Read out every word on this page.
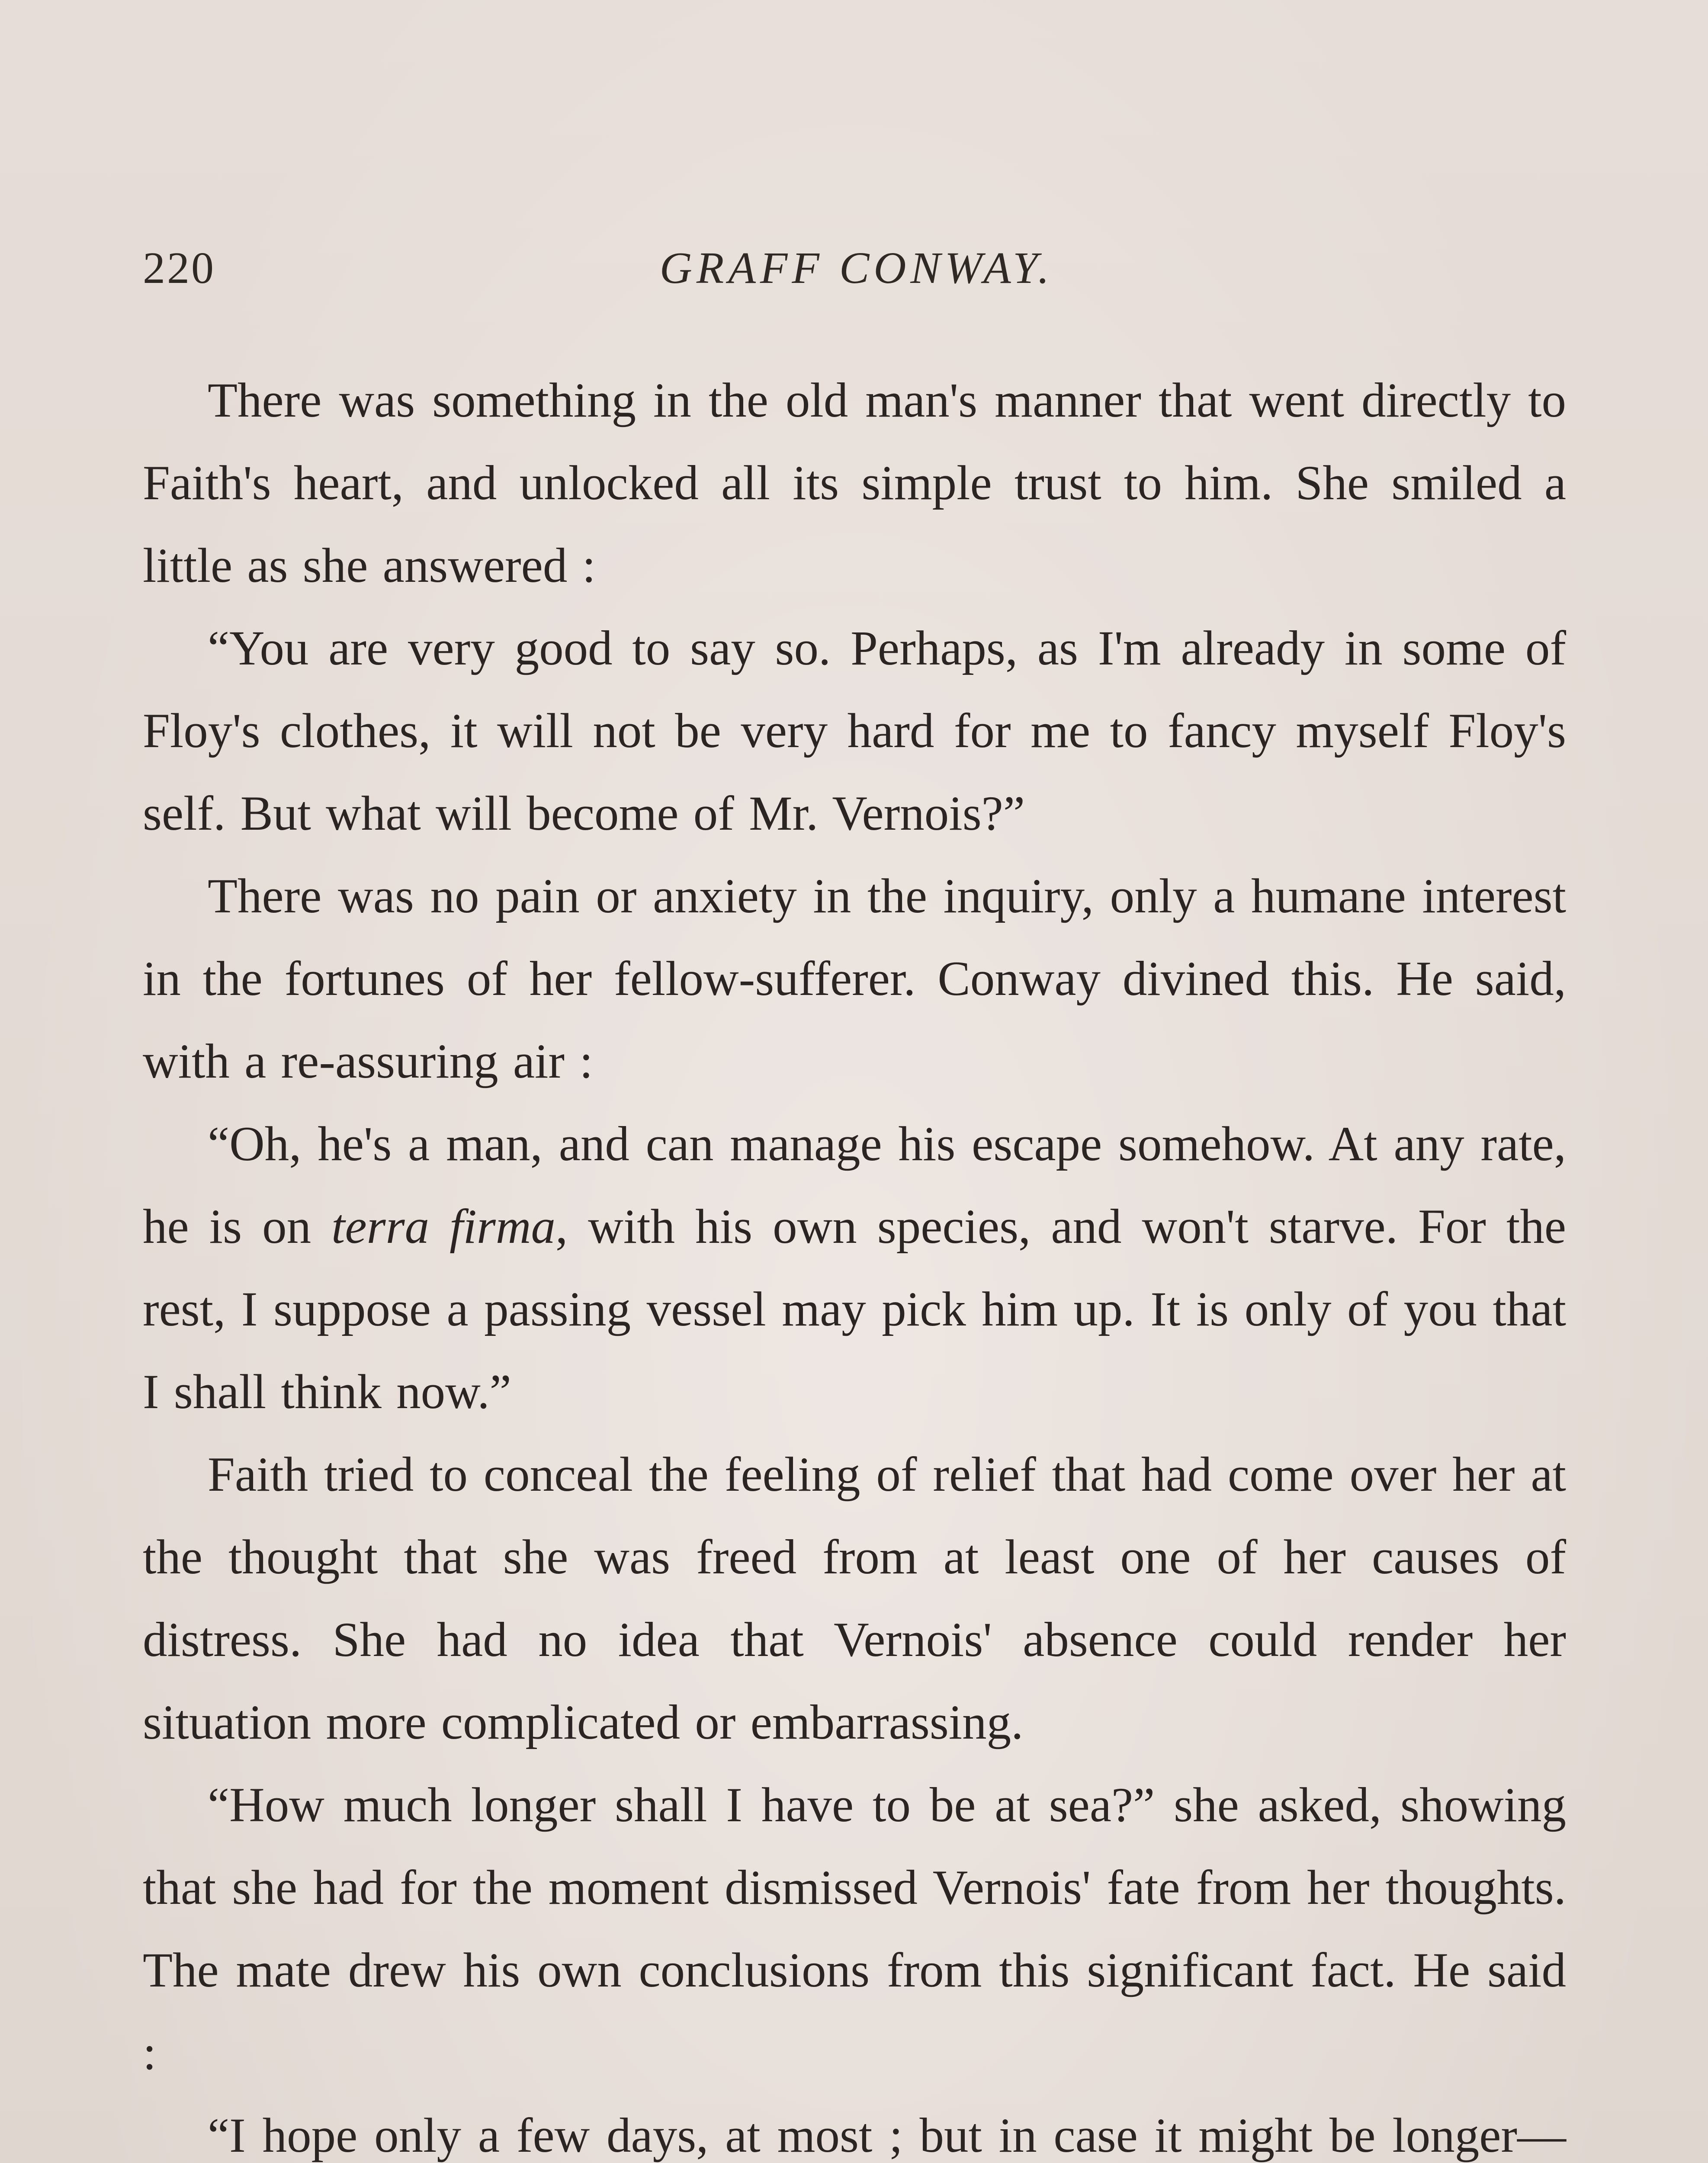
220	GRAFF CONWAY.

There was something in the old man's manner that went directly to Faith's heart, and unlocked all its simple trust to him. She smiled a little as she answered :

“You are very good to say so. Perhaps, as I'm already in some of Floy's clothes, it will not be very hard for me to fancy myself Floy's self. But what will become of Mr. Vernois?”

There was no pain or anxiety in the inquiry, only a humane interest in the fortunes of her fellow-sufferer. Conway divined this. He said, with a re-assuring air :

“Oh, he's a man, and can manage his escape somehow. At any rate, he is on terra firma, with his own species, and won't starve. For the rest, I suppose a passing vessel may pick him up. It is only of you that I shall think now.”

Faith tried to conceal the feeling of relief that had come over her at the thought that she was freed from at least one of her causes of distress. She had no idea that Vernois' absence could render her situation more complicated or embarrassing.

“How much longer shall I have to be at sea?” she asked, showing that she had for the moment dismissed Vernois' fate from her thoughts. The mate drew his own conclusions from this significant fact. He said :

“I hope only a few days, at most ; but in case it might be longer—
